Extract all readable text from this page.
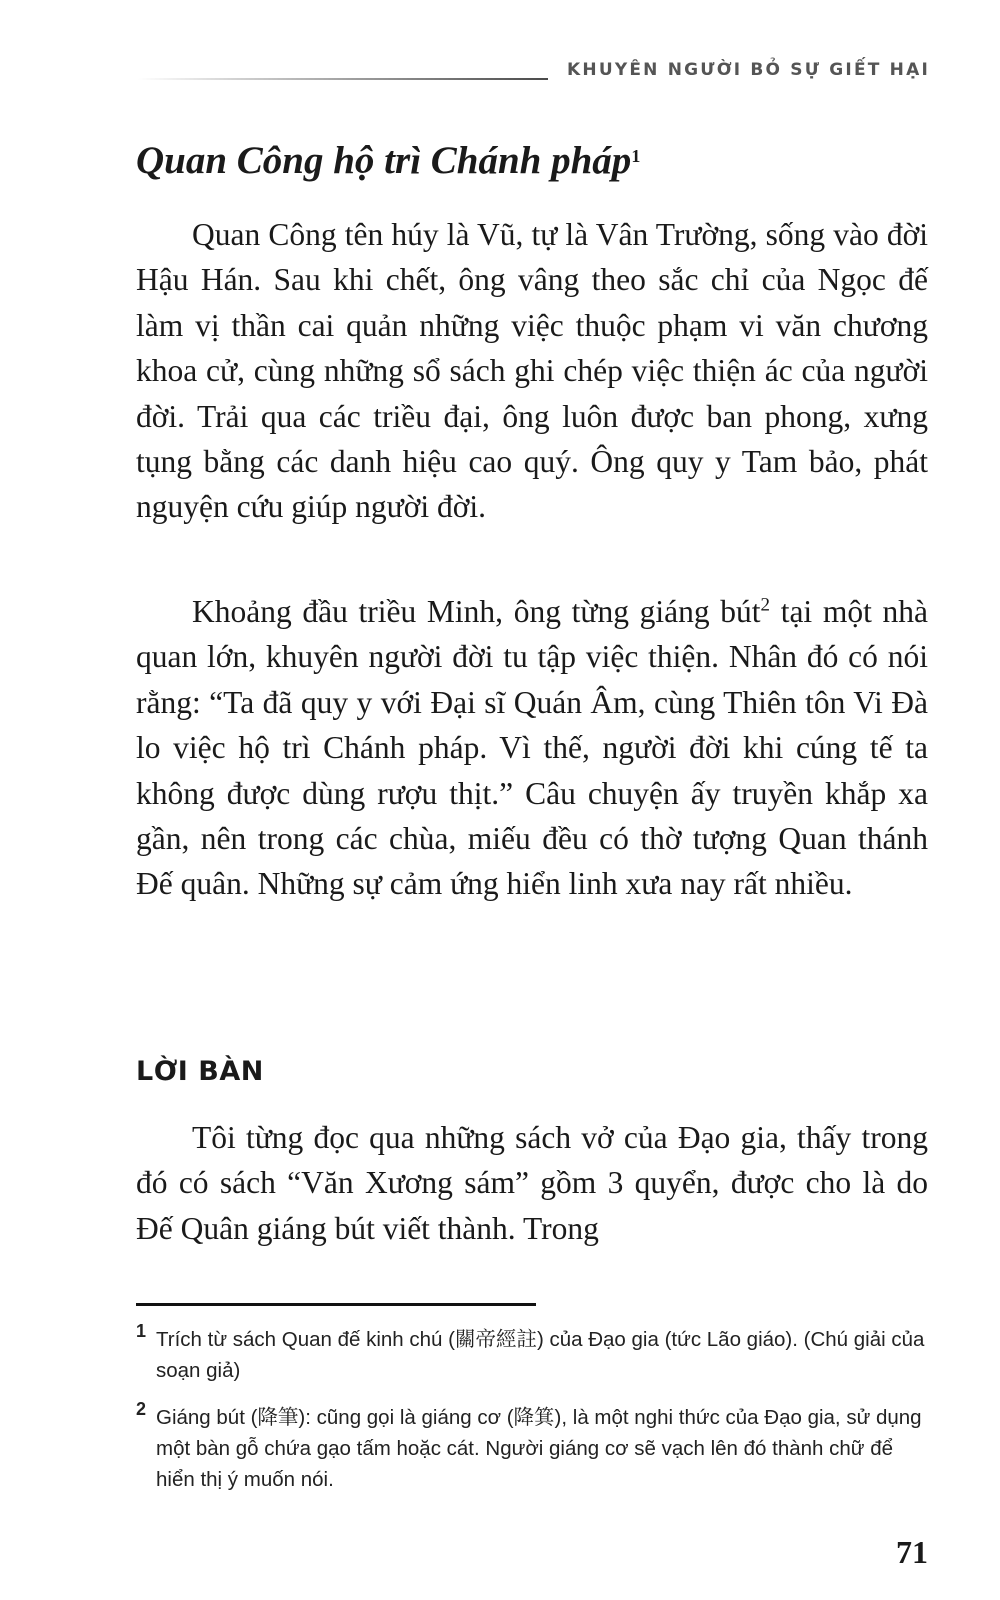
KHUYÊN NGƯỜI BỎ SỰ GIẾT HẠI
Quan Công hộ trì Chánh pháp$^1$

Quan Công tên húy là Vũ, tự là Vân Trường, sống vào đời Hậu Hán. Sau khi chết, ông vâng theo sắc chỉ của Ngọc đế làm vị thần cai quản những việc thuộc phạm vi văn chương khoa cử, cùng những sổ sách ghi chép việc thiện ác của người đời. Trải qua các triều đại, ông luôn được ban phong, xưng tụng bằng các danh hiệu cao quý. Ông quy y Tam bảo, phát nguyện cứu giúp người đời.

Khoảng đầu triều Minh, ông từng giáng bút$^2$ tại một nhà quan lớn, khuyên người đời tu tập việc thiện. Nhân đó có nói rằng: “Ta đã quy y với Đại sĩ Quán Âm, cùng Thiên tôn Vi Đà lo việc hộ trì Chánh pháp. Vì thế, người đời khi cúng tế ta không được dùng rượu thịt.” Câu chuyện ấy truyền khắp xa gần, nên trong các chùa, miếu đều có thờ tượng Quan thánh Đế quân. Những sự cảm ứng hiển linh xưa nay rất nhiều.

LỜI BÀN

Tôi từng đọc qua những sách vở của Đạo gia, thấy trong đó có sách “Văn Xương sám” gồm 3 quyển, được cho là do Đế Quân giáng bút viết thành. Trong

1 Trích từ sách Quan đế kinh chú (關帝經註) của Đạo gia (tức Lão giáo). (Chú giải của soạn giả)
2 Giáng bút (降筆): cũng gọi là giáng cơ (降箕), là một nghi thức của Đạo gia, sử dụng một bàn gỗ chứa gạo tấm hoặc cát. Người giáng cơ sẽ vạch lên đó thành chữ để hiển thị ý muốn nói.
71
